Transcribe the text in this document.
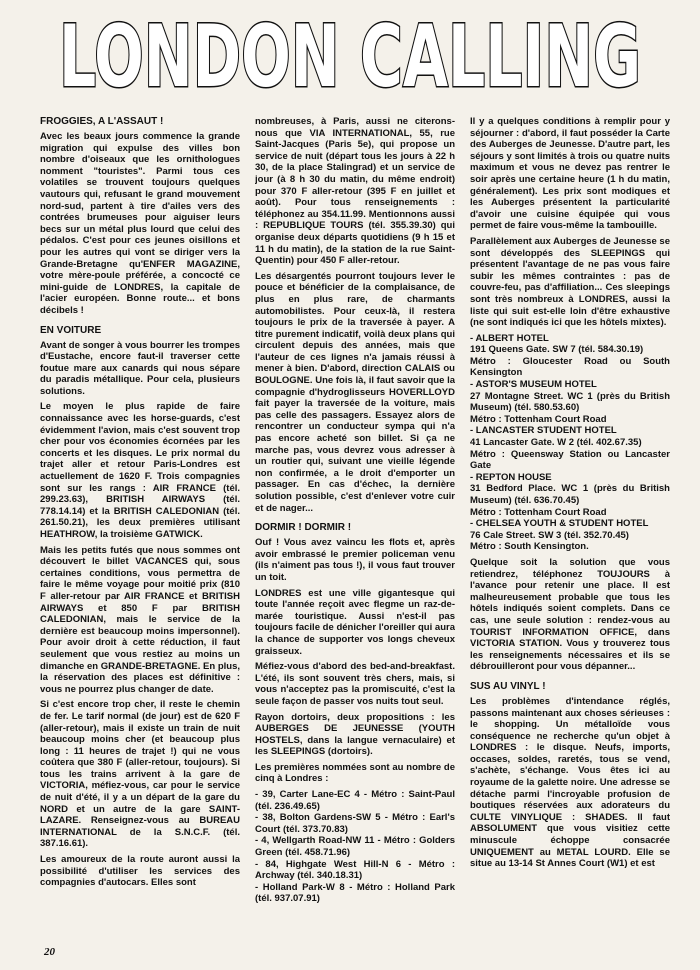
LONDON CALLING
FROGGIES, A L'ASSAUT !

Avec les beaux jours commence la grande migration qui expulse des villes bon nombre d'oiseaux que les ornithologues nomment "touristes". Parmi tous ces volatiles se trouvent toujours quelques vautours qui, refusant le grand mouvement nord-sud, partent à tire d'ailes vers des contrées brumeuses pour aiguiser leurs becs sur un métal plus lourd que celui des pédalos. C'est pour ces jeunes oisillons et pour les autres qui vont se diriger vers la Grande-Bretagne qu'ENFER MAGAZINE, votre mère-poule préférée, a concocté ce mini-guide de LONDRES, la capitale de l'acier européen. Bonne route... et bons décibels !

EN VOITURE

Avant de songer à vous bourrer les trompes d'Eustache, encore faut-il traverser cette foutue mare aux canards qui nous sépare du paradis métallique. Pour cela, plusieurs solutions.

Le moyen le plus rapide de faire connaissance avec les horse-guards, c'est évidemment l'avion, mais c'est souvent trop cher pour vos économies écornées par les concerts et les disques. Le prix normal du trajet aller et retour Paris-Londres est actuellement de 1620 F. Trois compagnies sont sur les rangs : AIR FRANCE (tél. 299.23.63), BRITISH AIRWAYS (tél. 778.14.14) et la BRITISH CALEDONIAN (tél. 261.50.21), les deux premières utilisant HEATHROW, la troisième GATWICK.

Mais les petits futés que nous sommes ont découvert le billet VACANCES qui, sous certaines conditions, vous permettra de faire le même voyage pour moitié prix (810 F aller-retour par AIR FRANCE et BRITISH AIRWAYS et 850 F par BRITISH CALEDONIAN, mais le service de la dernière est beaucoup moins impersonnel). Pour avoir droit à cette réduction, il faut seulement que vous restiez au moins un dimanche en GRANDE-BRETAGNE. En plus, la réservation des places est définitive : vous ne pourrez plus changer de date.

Si c'est encore trop cher, il reste le chemin de fer. Le tarif normal (de jour) est de 620 F (aller-retour), mais il existe un train de nuit beaucoup moins cher (et beaucoup plus long : 11 heures de trajet !) qui ne vous coûtera que 380 F (aller-retour, toujours). Si tous les trains arrivent à la gare de VICTORIA, méfiez-vous, car pour le service de nuit d'été, il y a un départ de la gare du NORD et un autre de la gare SAINT-LAZARE. Renseignez-vous au BUREAU INTERNATIONAL de la S.N.C.F. (tél. 387.16.61).

Les amoureux de la route auront aussi la possibilité d'utiliser les services des compagnies d'autocars. Elles sont

nombreuses, à Paris, aussi ne citerons-nous que VIA INTERNATIONAL, 55, rue Saint-Jacques (Paris 5e), qui propose un service de nuit (départ tous les jours à 22 h 30, de la place Stalingrad) et un service de jour (à 8 h 30 du matin, du même endroit) pour 370 F aller-retour (395 F en juillet et août). Pour tous renseignements : téléphonez au 354.11.99. Mentionnons aussi : REPUBLIQUE TOURS (tél. 355.39.30) qui organise deux départs quotidiens (9 h 15 et 11 h du matin), de la station de la rue Saint-Quentin) pour 450 F aller-retour.

Les désargentés pourront toujours lever le pouce et bénéficier de la complaisance, de plus en plus rare, de charmants automobilistes. Pour ceux-là, il restera toujours le prix de la traversée à payer. A titre purement indicatif, voilà deux plans qui circulent depuis des années, mais que l'auteur de ces lignes n'a jamais réussi à mener à bien. D'abord, direction CALAIS ou BOULOGNE. Une fois là, il faut savoir que la compagnie d'hydroglisseurs HOVERLLOYD fait payer la traversée de la voiture, mais pas celle des passagers. Essayez alors de rencontrer un conducteur sympa qui n'a pas encore acheté son billet. Si ça ne marche pas, vous devrez vous adresser à un routier qui, suivant une vieille légende non confirmée, a le droit d'emporter un passager. En cas d'échec, la dernière solution possible, c'est d'enlever votre cuir et de nager...

DORMIR ! DORMIR !

Ouf ! Vous avez vaincu les flots et, après avoir embrassé le premier policeman venu (ils n'aiment pas tous !), il vous faut trouver un toit.

LONDRES est une ville gigantesque qui toute l'année reçoit avec flegme un raz-de-marée touristique. Aussi n'est-il pas toujours facile de dénicher l'oreiller qui aura la chance de supporter vos longs cheveux graisseux.

Méfiez-vous d'abord des bed-and-breakfast. L'été, ils sont souvent très chers, mais, si vous n'acceptez pas la promiscuité, c'est la seule façon de passer vos nuits tout seul.

Rayon dortoirs, deux propositions : les AUBERGES DE JEUNESSE (YOUTH HOSTELS, dans la langue vernaculaire) et les SLEEPINGS (dortoirs).

Les premières nommées sont au nombre de cinq à Londres :

- 39, Carter Lane-EC 4 - Métro : Saint-Paul (tél. 236.49.65)
- 38, Bolton Gardens-SW 5 - Métro : Earl's Court (tél. 373.70.83)
- 4, Wellgarth Road-NW 11 - Métro : Golders Green (tél. 458.71.96)
- 84, Highgate West Hill-N 6 - Métro : Archway (tél. 340.18.31)
- Holland Park-W 8 - Métro : Holland Park (tél. 937.07.91)

Il y a quelques conditions à remplir pour y séjourner : d'abord, il faut posséder la Carte des Auberges de Jeunesse. D'autre part, les séjours y sont limités à trois ou quatre nuits maximum et vous ne devez pas rentrer le soir après une certaine heure (1 h du matin, généralement). Les prix sont modiques et les Auberges présentent la particularité d'avoir une cuisine équipée qui vous permet de faire vous-même la tambouille.

Parallèlement aux Auberges de Jeunesse se sont développés des SLEEPINGS qui présentent l'avantage de ne pas vous faire subir les mêmes contraintes : pas de couvre-feu, pas d'affiliation... Ces sleepings sont très nombreux à LONDRES, aussi la liste qui suit est-elle loin d'être exhaustive (ne sont indiqués ici que les hôtels mixtes).

- ALBERT HOTEL
191 Queens Gate. SW 7 (tél. 584.30.19)
Métro : Gloucester Road ou South Kensington
- ASTOR'S MUSEUM HOTEL
27 Montagne Street. WC 1 (près du British Museum) (tél. 580.53.60)
Métro : Tottenham Court Road
- LANCASTER STUDENT HOTEL
41 Lancaster Gate. W 2 (tél. 402.67.35)
Métro : Queensway Station ou Lancaster Gate
- REPTON HOUSE
31 Bedford Place. WC 1 (près du British Museum) (tél. 636.70.45)
Métro : Tottenham Court Road
- CHELSEA YOUTH & STUDENT HOTEL
76 Cale Street. SW 3 (tél. 352.70.45)
Métro : South Kensington.

Quelque soit la solution que vous retiendrez, téléphonez TOUJOURS à l'avance pour retenir une place. Il est malheureusement probable que tous les hôtels indiqués soient complets. Dans ce cas, une seule solution : rendez-vous au TOURIST INFORMATION OFFICE, dans VICTORIA STATION. Vous y trouverez tous les renseignements nécessaires et ils se débrouilleront pour vous dépanner...

SUS AU VINYL !

Les problèmes d'intendance réglés, passons maintenant aux choses sérieuses : le shopping. Un métalloïde vous conséquence ne recherche qu'un objet à LONDRES : le disque. Neufs, imports, occases, soldes, raretés, tous se vend, s'achète, s'échange. Vous êtes ici au royaume de la galette noire. Une adresse se détache parmi l'incroyable profusion de boutiques réservées aux adorateurs du CULTE VINYLIQUE : SHADES. Il faut ABSOLUMENT que vous visitiez cette minuscule échoppe consacrée UNIQUEMENT au METAL LOURD. Elle se situe au 13-14 St Annes Court (W1) et est

20
